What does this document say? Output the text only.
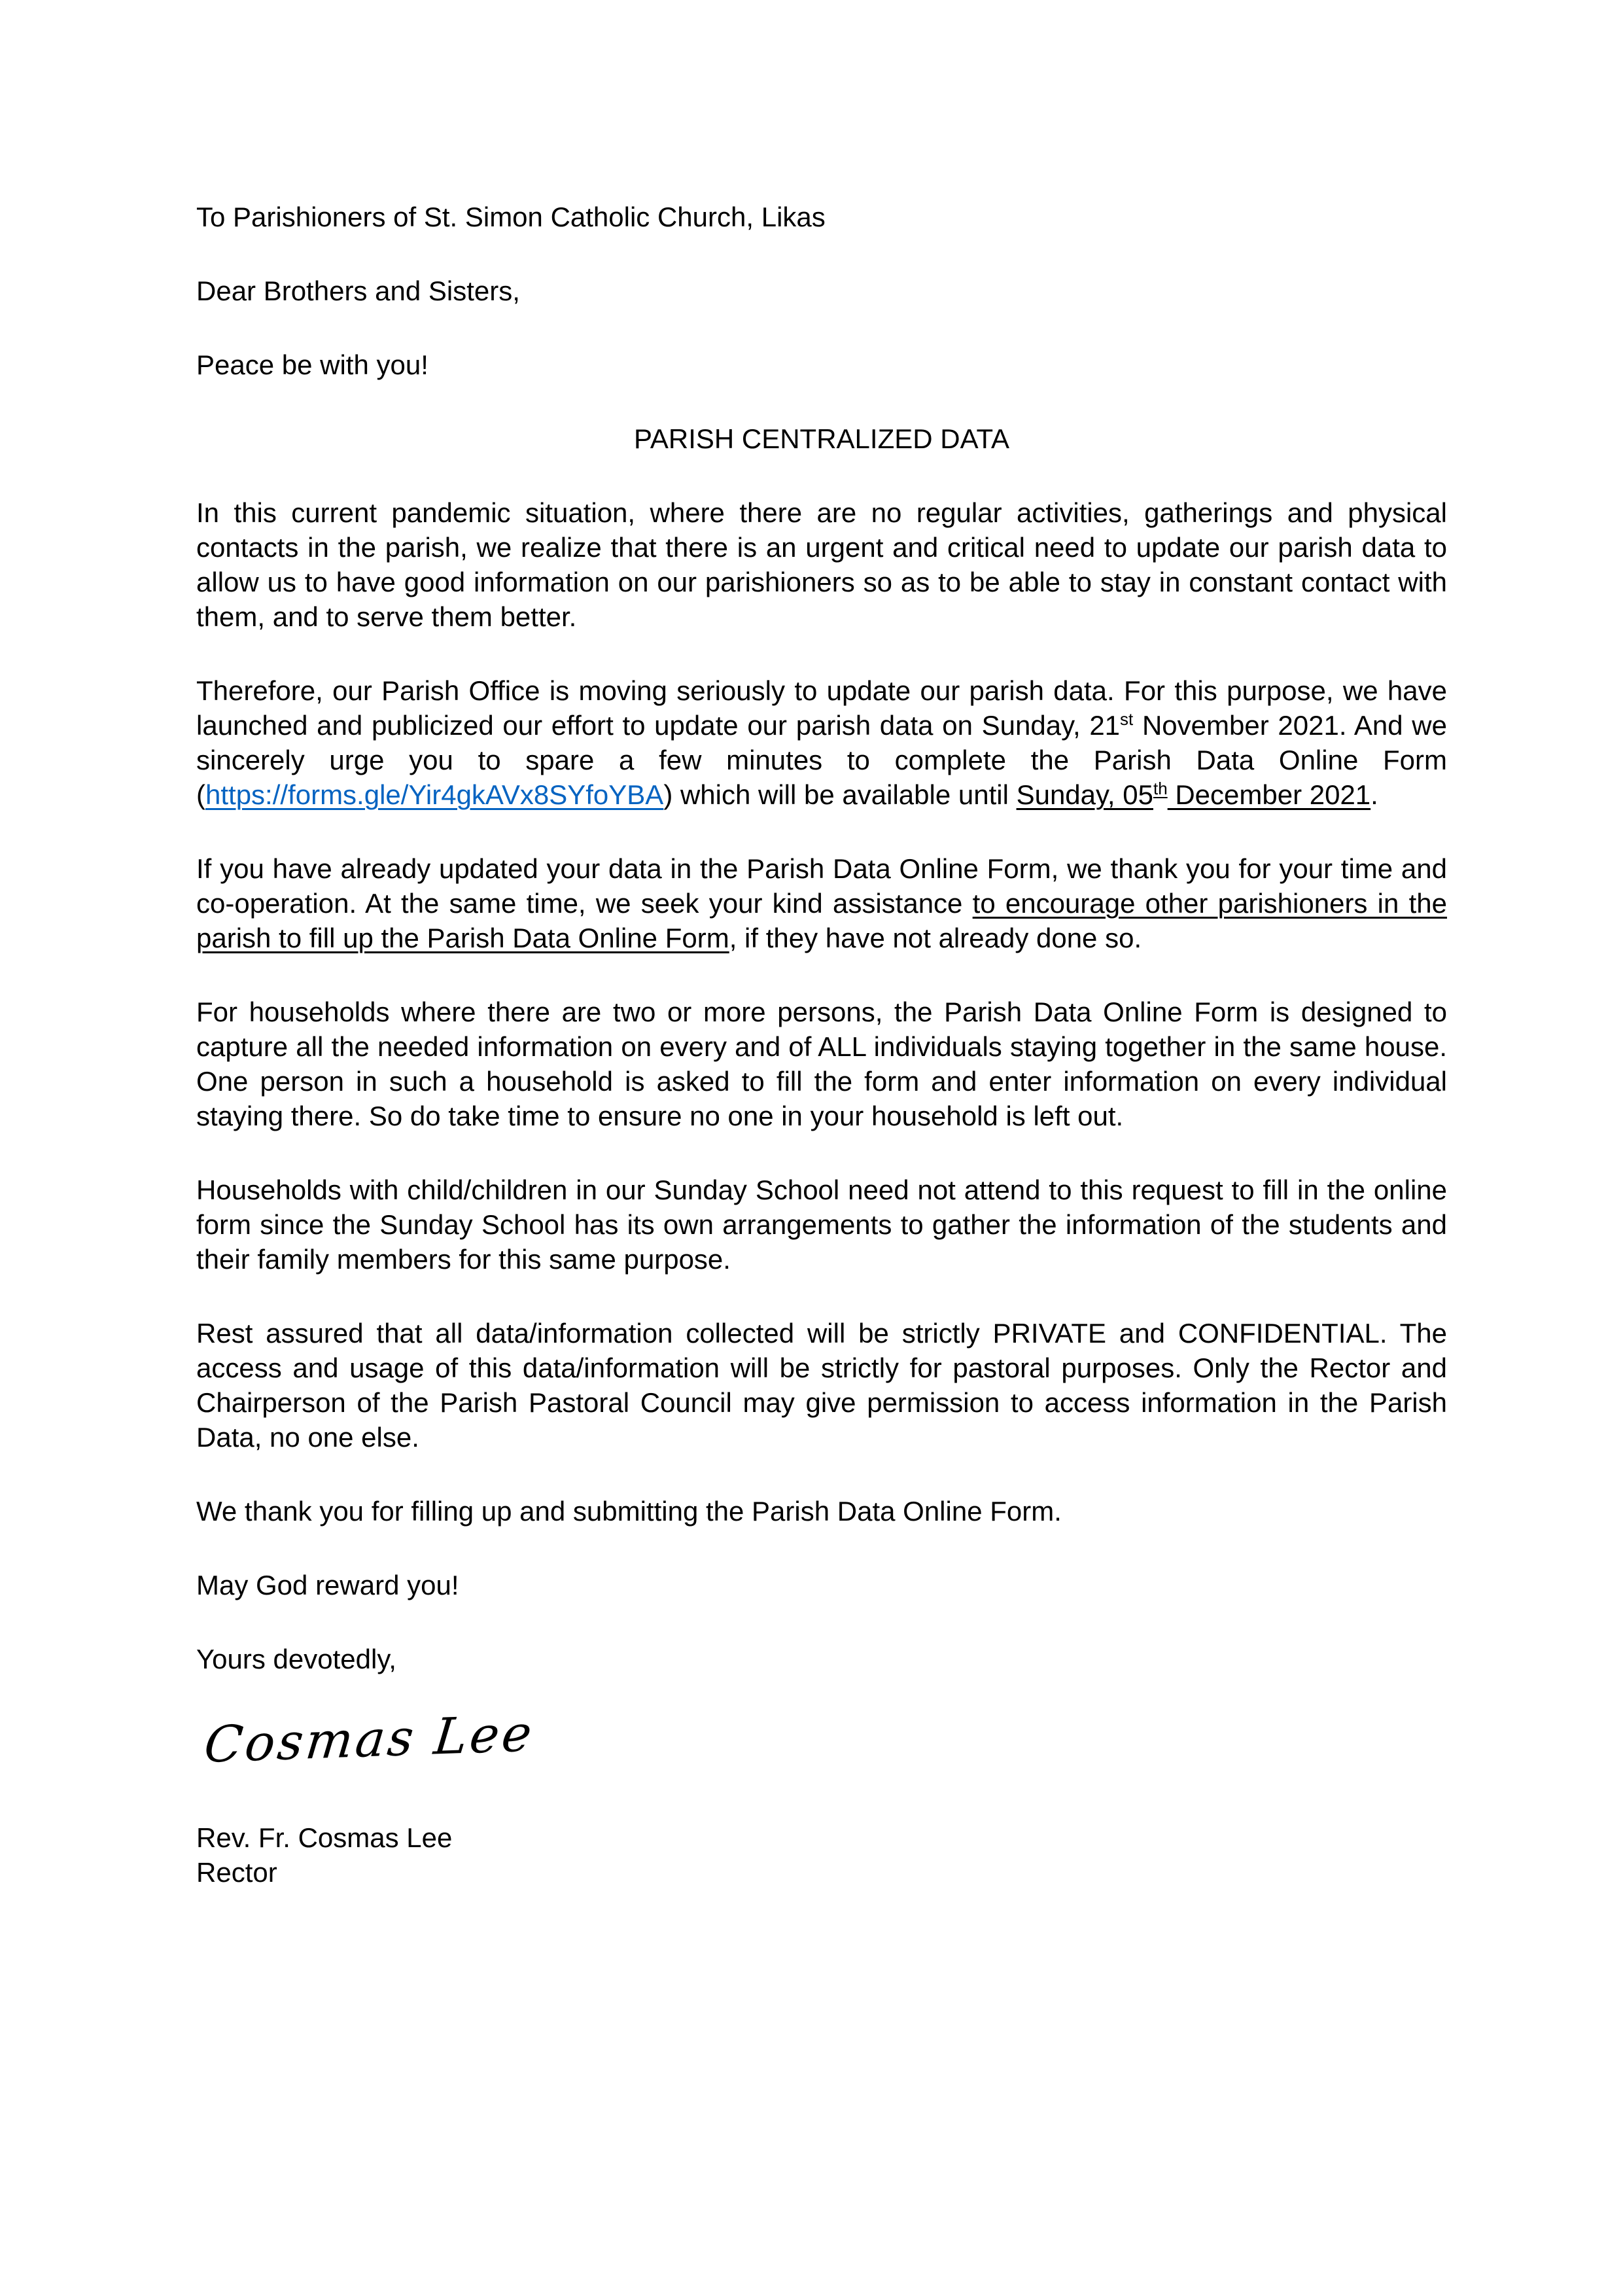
To Parishioners of St. Simon Catholic Church, Likas

Dear Brothers and Sisters,

Peace be with you!

PARISH CENTRALIZED DATA

In this current pandemic situation, where there are no regular activities, gatherings and physical contacts in the parish, we realize that there is an urgent and critical need to update our parish data to allow us to have good information on our parishioners so as to be able to stay in constant contact with them, and to serve them better.

Therefore, our Parish Office is moving seriously to update our parish data. For this purpose, we have launched and publicized our effort to update our parish data on Sunday, 21st November 2021. And we sincerely urge you to spare a few minutes to complete the Parish Data Online Form (https://forms.gle/Yir4gkAVx8SYfoYBA) which will be available until Sunday, 05th December 2021.

If you have already updated your data in the Parish Data Online Form, we thank you for your time and co-operation. At the same time, we seek your kind assistance to encourage other parishioners in the parish to fill up the Parish Data Online Form, if they have not already done so.

For households where there are two or more persons, the Parish Data Online Form is designed to capture all the needed information on every and of ALL individuals staying together in the same house. One person in such a household is asked to fill the form and enter information on every individual staying there. So do take time to ensure no one in your household is left out.

Households with child/children in our Sunday School need not attend to this request to fill in the online form since the Sunday School has its own arrangements to gather the information of the students and their family members for this same purpose.

Rest assured that all data/information collected will be strictly PRIVATE and CONFIDENTIAL. The access and usage of this data/information will be strictly for pastoral purposes. Only the Rector and Chairperson of the Parish Pastoral Council may give permission to access information in the Parish Data, no one else.

We thank you for filling up and submitting the Parish Data Online Form.

May God reward you!

Yours devotedly,

Cosmas Lee

Rev. Fr. Cosmas Lee

Rector
